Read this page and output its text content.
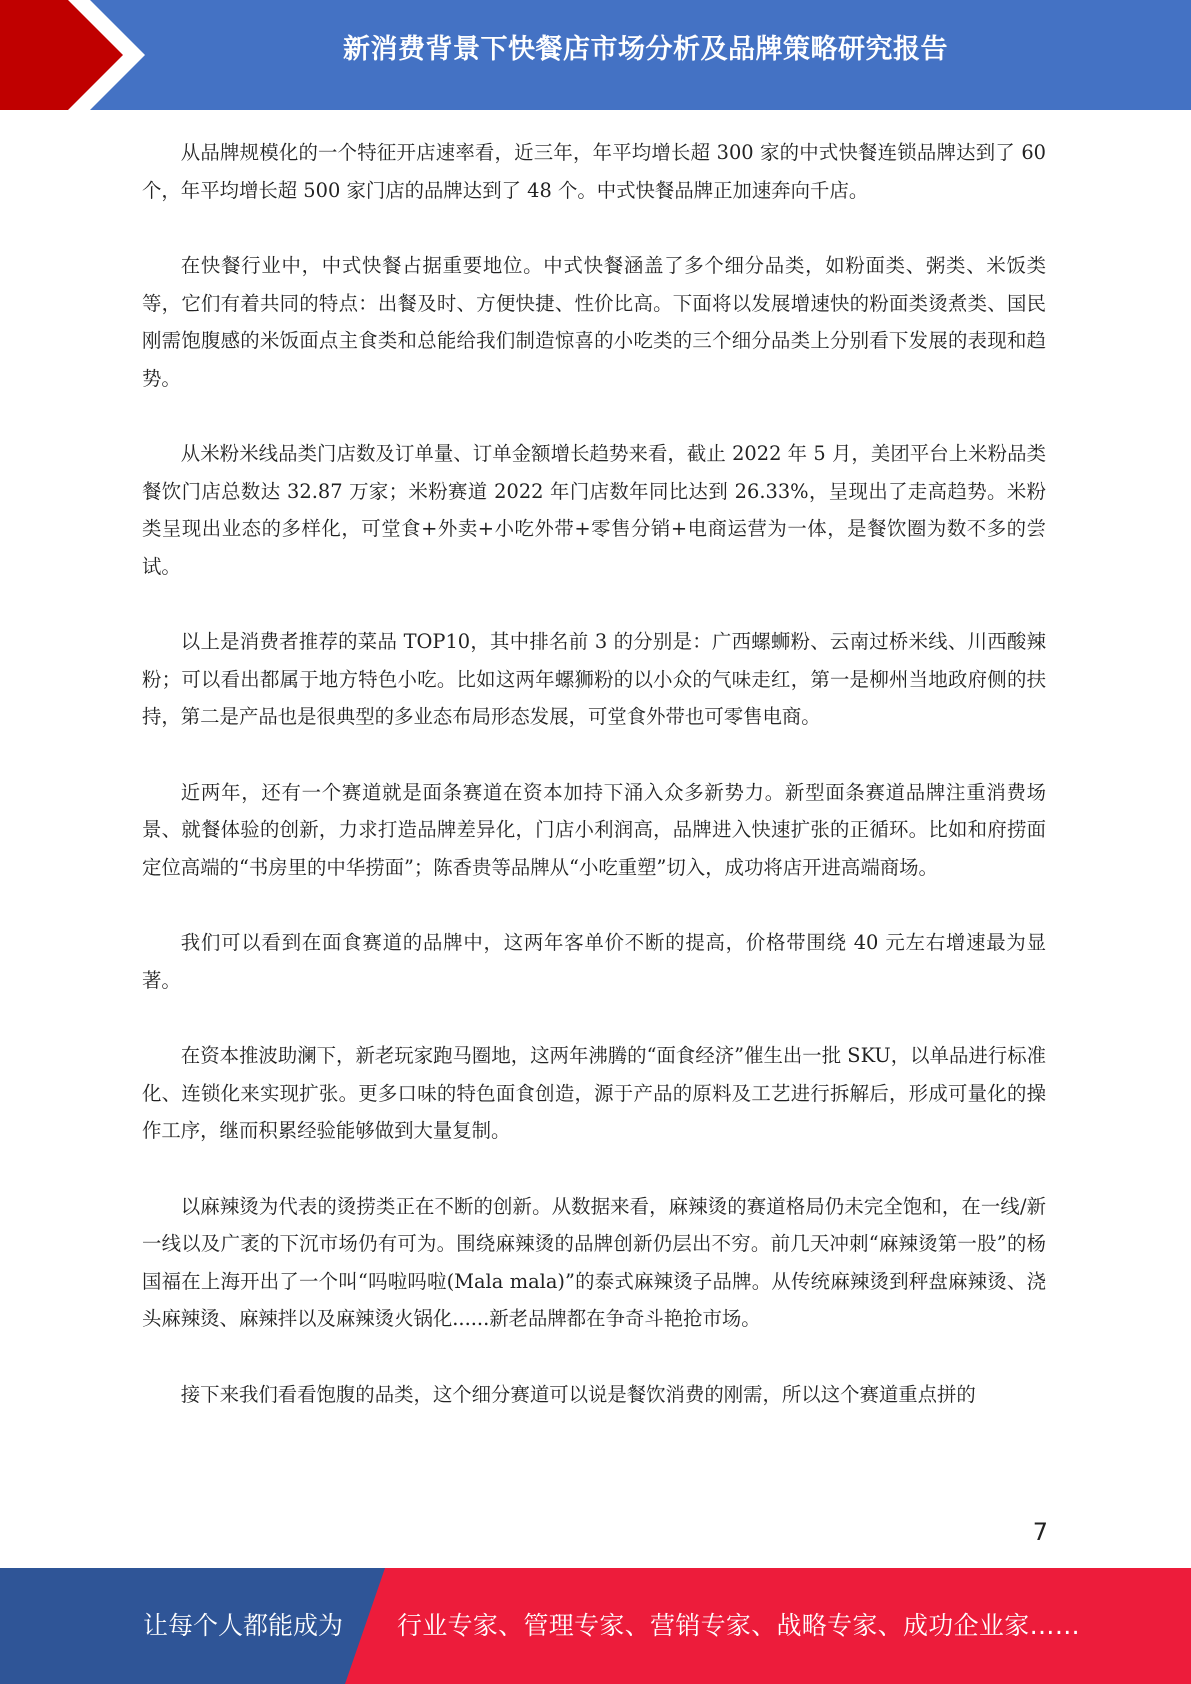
新消费背景下快餐店市场分析及品牌策略研究报告

从品牌规模化的一个特征开店速率看，近三年，年平均增长超 300 家的中式快餐连锁品牌达到了 60 个，年平均增长超 500 家门店的品牌达到了 48 个。中式快餐品牌正加速奔向千店。

在快餐行业中，中式快餐占据重要地位。中式快餐涵盖了多个细分品类，如粉面类、粥类、米饭类等，它们有着共同的特点：出餐及时、方便快捷、性价比高。下面将以发展增速快的粉面类烫煮类、国民刚需饱腹感的米饭面点主食类和总能给我们制造惊喜的小吃类的三个细分品类上分别看下发展的表现和趋势。

从米粉米线品类门店数及订单量、订单金额增长趋势来看，截止 2022 年 5 月，美团平台上米粉品类餐饮门店总数达 32.87 万家；米粉赛道 2022 年门店数年同比达到 26.33%，呈现出了走高趋势。米粉类呈现出业态的多样化，可堂食+外卖+小吃外带+零售分销+电商运营为一体，是餐饮圈为数不多的尝试。

以上是消费者推荐的菜品 TOP10，其中排名前 3 的分别是：广西螺蛳粉、云南过桥米线、川西酸辣粉；可以看出都属于地方特色小吃。比如这两年螺狮粉的以小众的气味走红，第一是柳州当地政府侧的扶持，第二是产品也是很典型的多业态布局形态发展，可堂食外带也可零售电商。

近两年，还有一个赛道就是面条赛道在资本加持下涌入众多新势力。新型面条赛道品牌注重消费场景、就餐体验的创新，力求打造品牌差异化，门店小利润高，品牌进入快速扩张的正循环。比如和府捞面定位高端的“书房里的中华捞面”；陈香贵等品牌从“小吃重塑”切入，成功将店开进高端商场。

我们可以看到在面食赛道的品牌中，这两年客单价不断的提高，价格带围绕 40 元左右增速最为显著。

在资本推波助澜下，新老玩家跑马圈地，这两年沸腾的“面食经济”催生出一批 SKU，以单品进行标准化、连锁化来实现扩张。更多口味的特色面食创造，源于产品的原料及工艺进行拆解后，形成可量化的操作工序，继而积累经验能够做到大量复制。

以麻辣烫为代表的烫捞类正在不断的创新。从数据来看，麻辣烫的赛道格局仍未完全饱和，在一线/新一线以及广袤的下沉市场仍有可为。围绕麻辣烫的品牌创新仍层出不穷。前几天冲刺“麻辣烫第一股”的杨国福在上海开出了一个叫“吗啦吗啦(Mala mala)”的泰式麻辣烫子品牌。从传统麻辣烫到秤盘麻辣烫、浇头麻辣烫、麻辣拌以及麻辣烫火锅化......新老品牌都在争奇斗艳抢市场。

接下来我们看看饱腹的品类，这个细分赛道可以说是餐饮消费的刚需，所以这个赛道重点拼的

7
让每个人都能成为 行业专家、管理专家、营销专家、战略专家、成功企业家……
